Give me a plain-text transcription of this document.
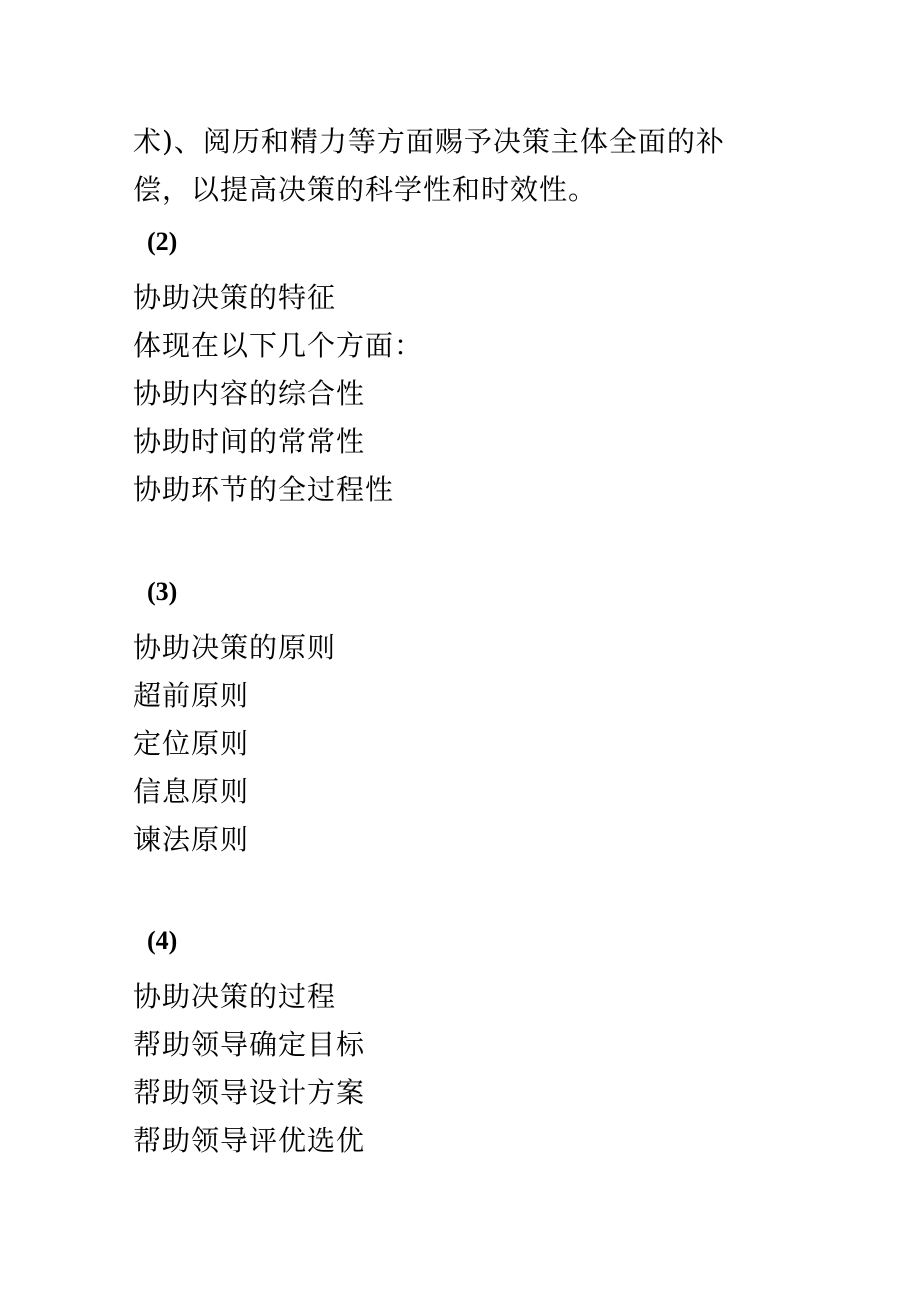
术)、阅历和精力等方面赐予决策主体全面的补
偿，以提高决策的科学性和时效性。
(2)
协助决策的特征
体现在以下几个方面：
协助内容的综合性
协助时间的常常性
协助环节的全过程性
(3)
协助决策的原则
超前原则
定位原则
信息原则
谏法原则
(4)
协助决策的过程
帮助领导确定目标
帮助领导设计方案
帮助领导评优选优
